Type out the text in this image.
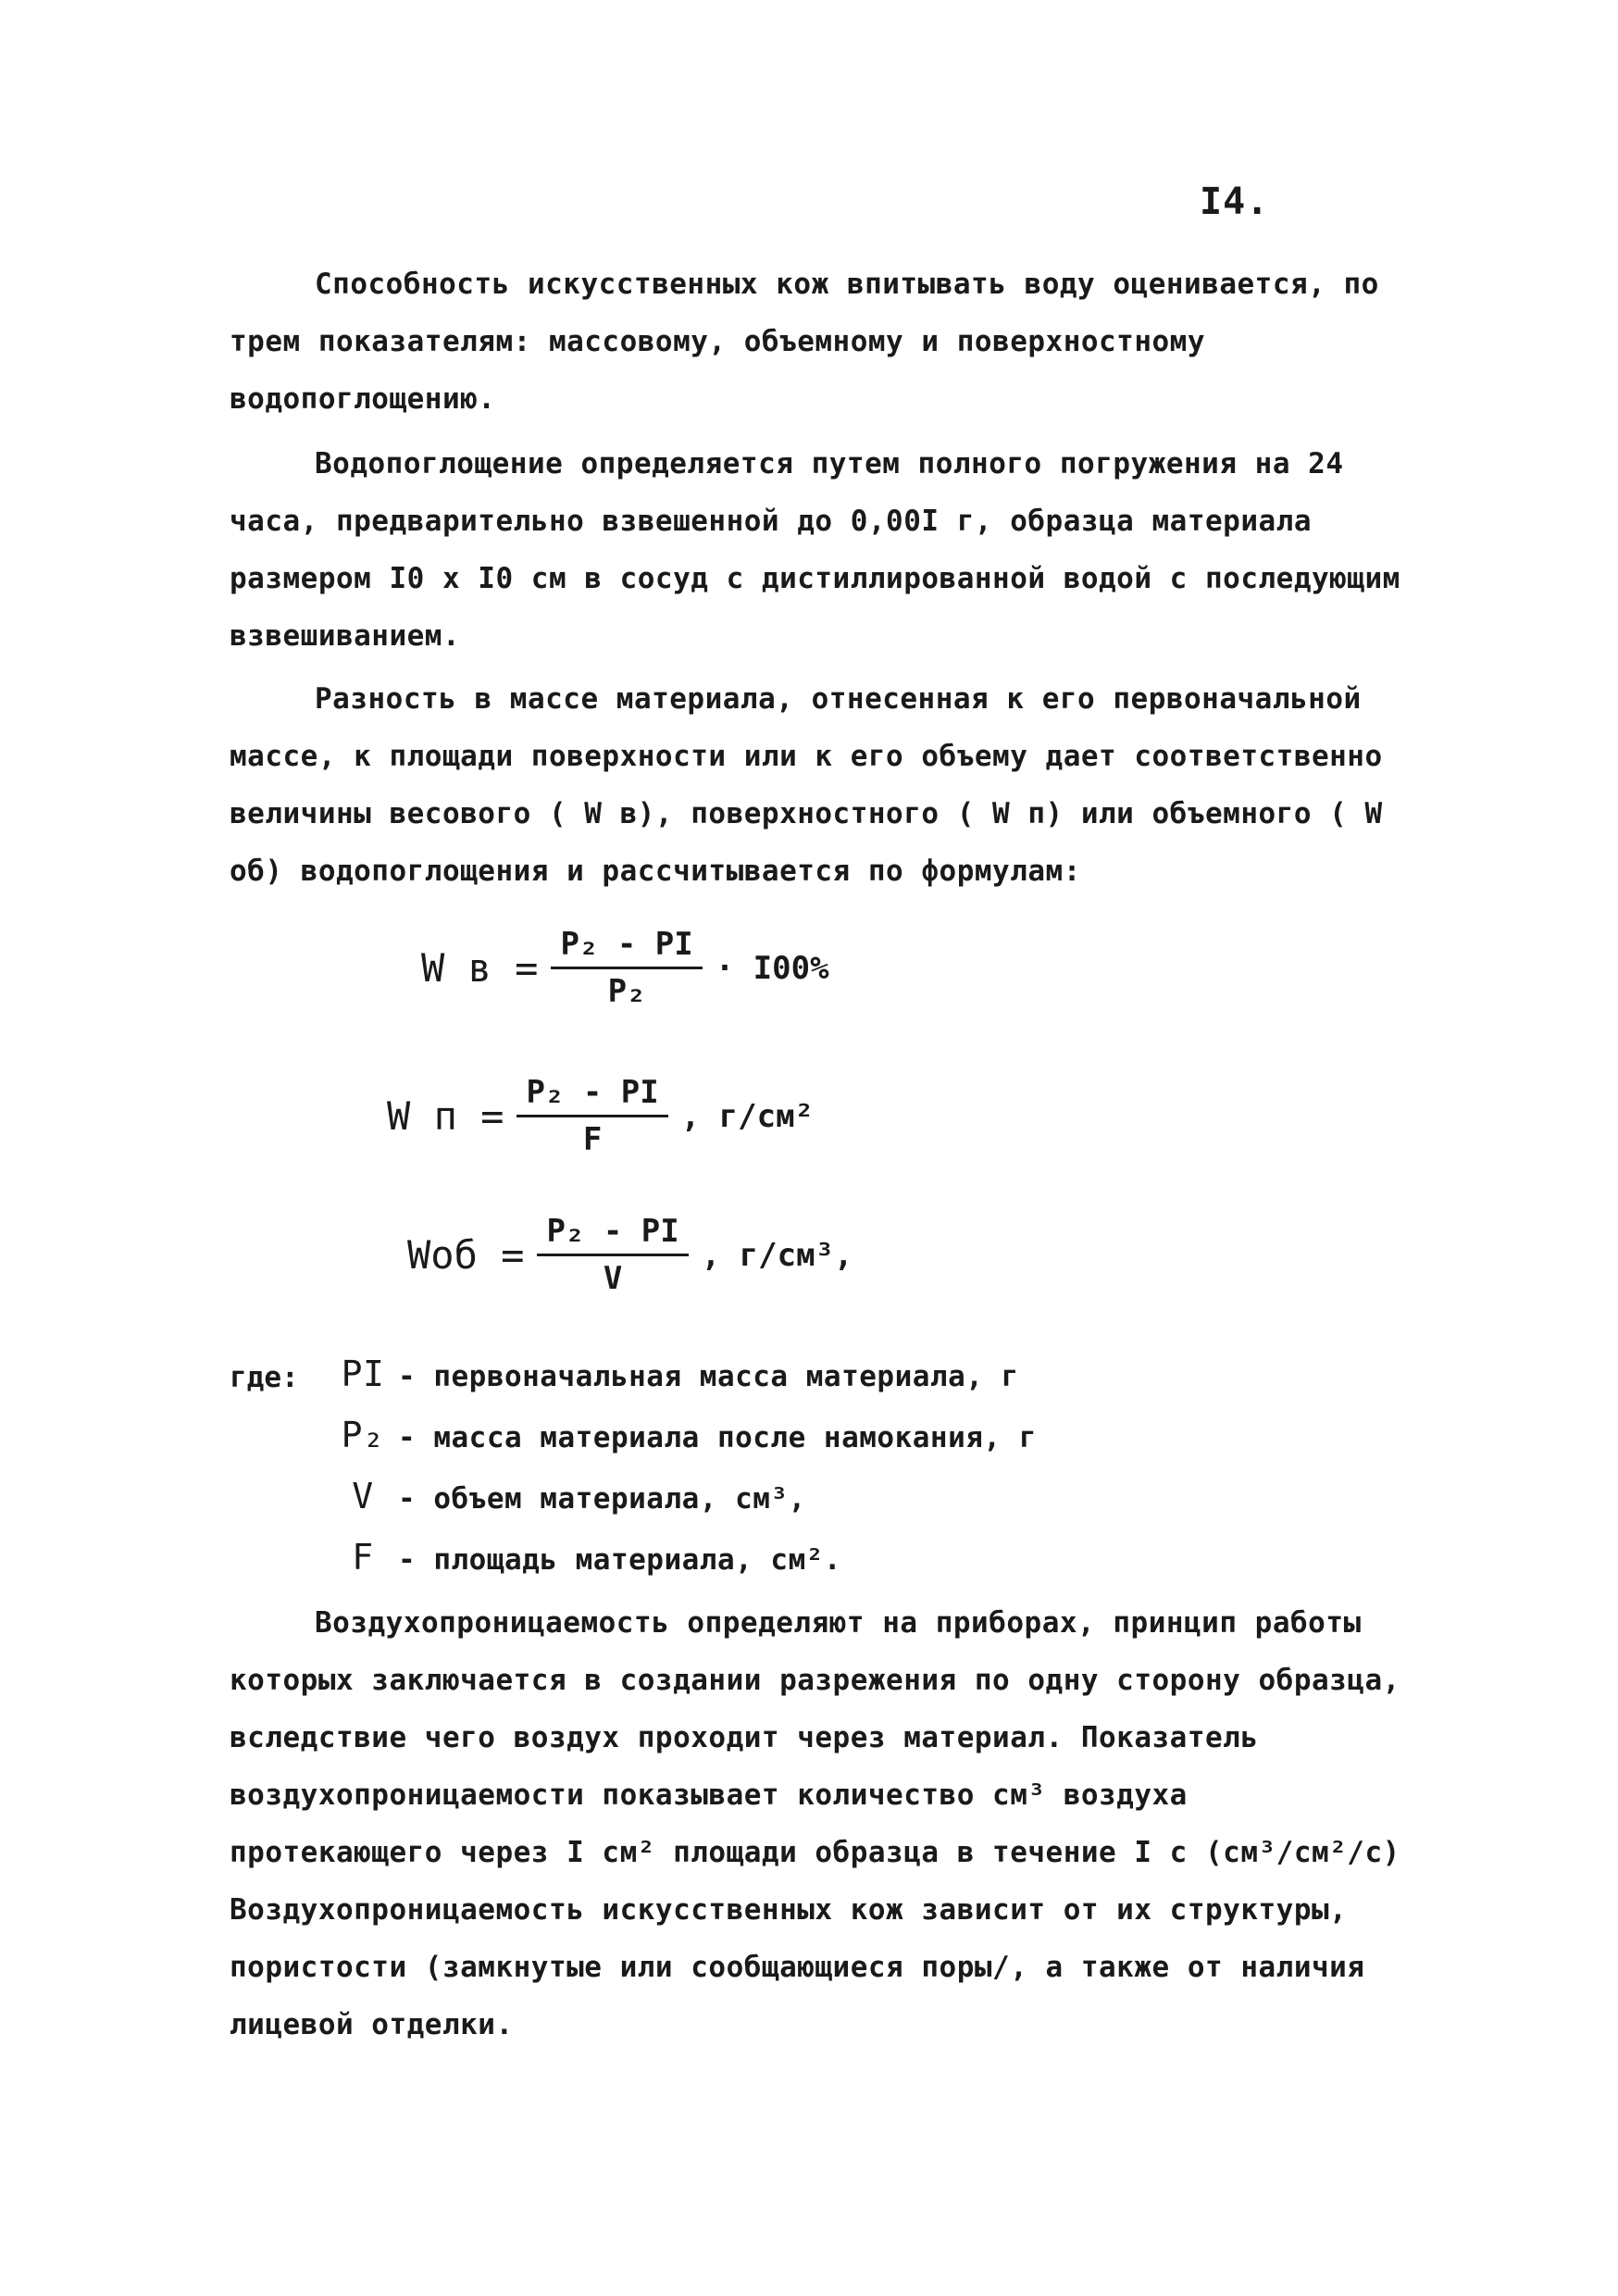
I4.

Способность искусственных кож впитывать воду оценивается, по трем показателям: массовому, объемному и поверхностному водопоглощению.

Водопоглощение определяется путем полного погружения на 24 часа, предварительно взвешенной до 0,00I г, образца материала размером I0 x I0 см в сосуд с дистиллированной водой с последующим взвешиванием.

Разность в массе материала, отнесенная к его первоначальной массе, к площади поверхности или к его объему дает соответственно величины весового ( W в), поверхностного ( W п) или объемного ( W об) водопоглощения и рассчитывается по формулам:

W $в = \frac{\text{P₂ - PI}}{\text{P₂}} \cdot I00\%$
W $п = \frac{\text{P₂ - PI}}{F}$ , г/см²
Wоб = $\frac{\text{P₂ - PI}}{V}$ , г/см³,
где: PI - первоначальная масса материала, г
P₂ - масса материала после намокания, г
V - объем материала, см³,
F - площадь материала, см².

Воздухопроницаемость определяют на приборах, принцип работы которых заключается в создании разрежения по одну сторону образца, вследствие чего воздух проходит через материал. Показатель воздухопроницаемости показывает количество см³ воздуха протекающего через I см² площади образца в течение I с (см³/см²/с) Воздухопроницаемость искусственных кож зависит от их структуры, пористости (замкнутые или сообщающиеся поры/, а также от наличия лицевой отделки.
